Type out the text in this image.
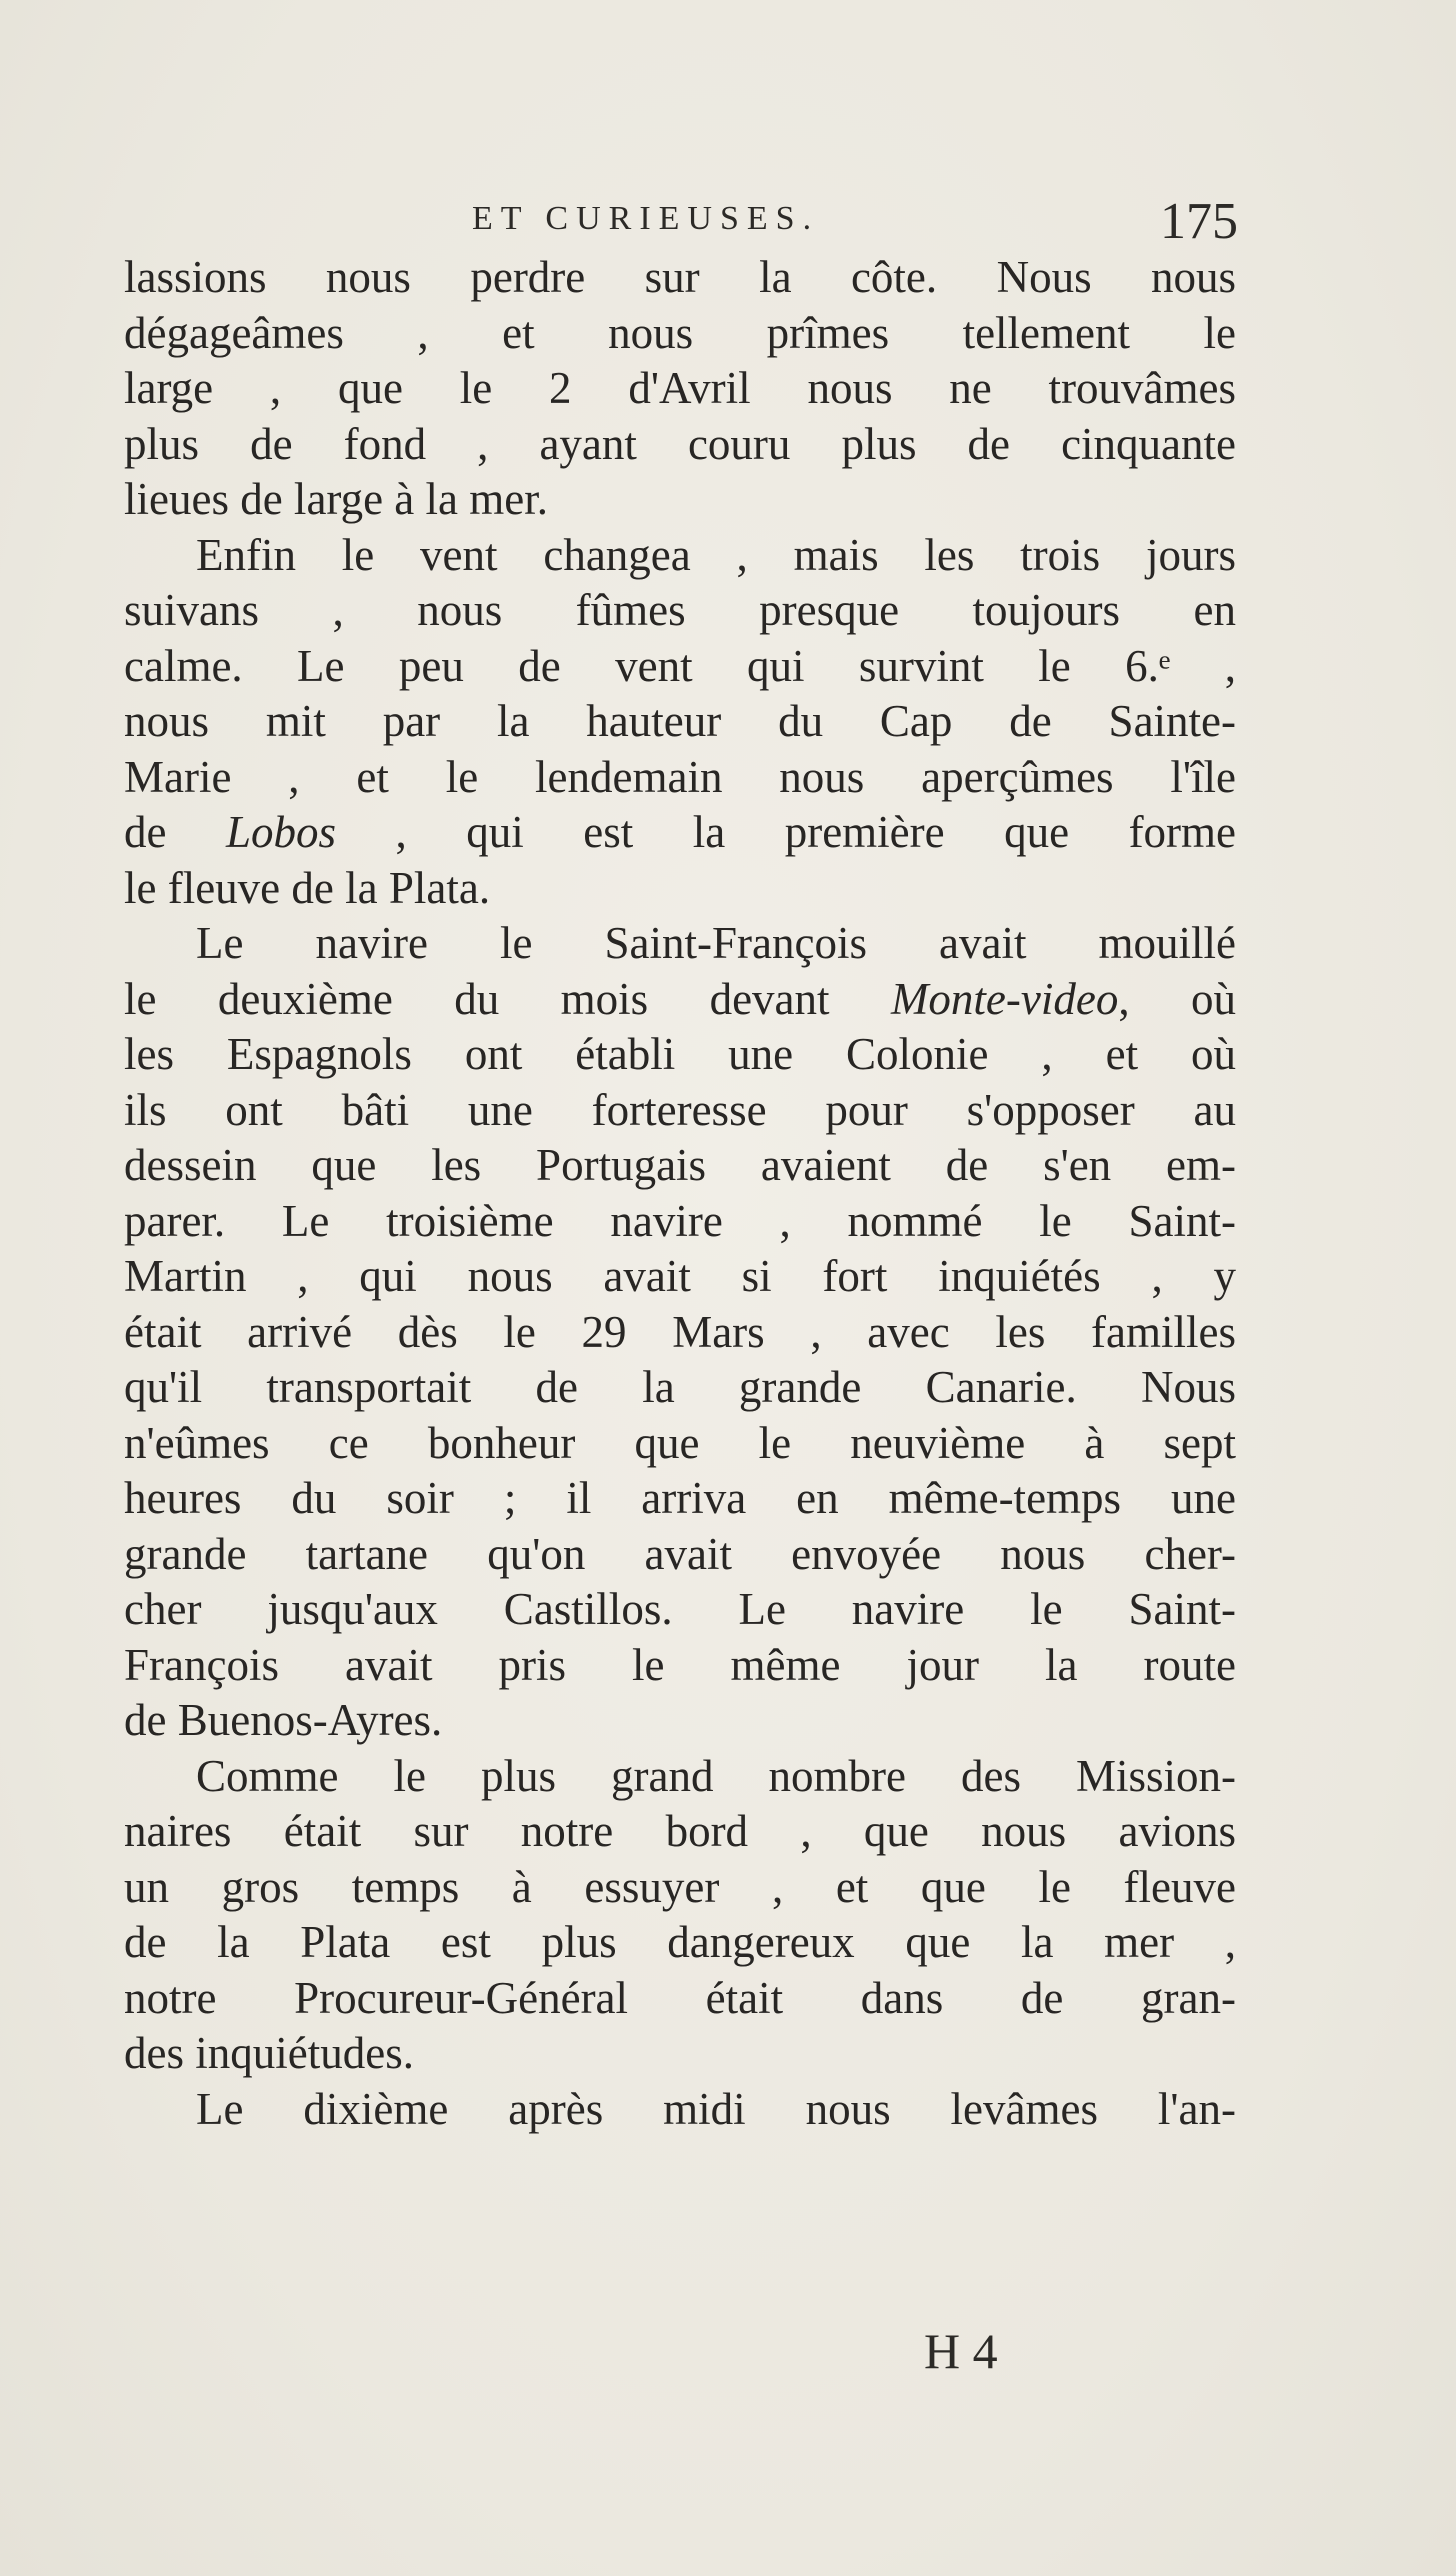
ET CURIEUSES.	175
lassions nous perdre sur la côte. Nous nous
dégageâmes , et nous prîmes tellement le
large , que le 2 d'Avril nous ne trouvâmes
plus de fond , ayant couru plus de cinquante
lieues de large à la mer.
Enfin le vent changea , mais les trois jours
suivans , nous fûmes presque toujours en
calme. Le peu de vent qui survint le 6.ᵉ ,
nous mit par la hauteur du Cap de Sainte-
Marie , et le lendemain nous aperçûmes l'île
de Lobos , qui est la première que forme
le fleuve de la Plata.
Le navire le Saint-François avait mouillé
le deuxième du mois devant Monte-video, où
les Espagnols ont établi une Colonie , et où
ils ont bâti une forteresse pour s'opposer au
dessein que les Portugais avaient de s'en em-
parer. Le troisième navire , nommé le Saint-
Martin , qui nous avait si fort inquiétés , y
était arrivé dès le 29 Mars , avec les familles
qu'il transportait de la grande Canarie. Nous
n'eûmes ce bonheur que le neuvième à sept
heures du soir ; il arriva en même-temps une
grande tartane qu'on avait envoyée nous cher-
cher jusqu'aux Castillos. Le navire le Saint-
François avait pris le même jour la route
de Buenos-Ayres.
Comme le plus grand nombre des Mission-
naires était sur notre bord , que nous avions
un gros temps à essuyer , et que le fleuve
de la Plata est plus dangereux que la mer ,
notre Procureur-Général était dans de gran-
des inquiétudes.
Le dixième après midi nous levâmes l'an-
H 4
